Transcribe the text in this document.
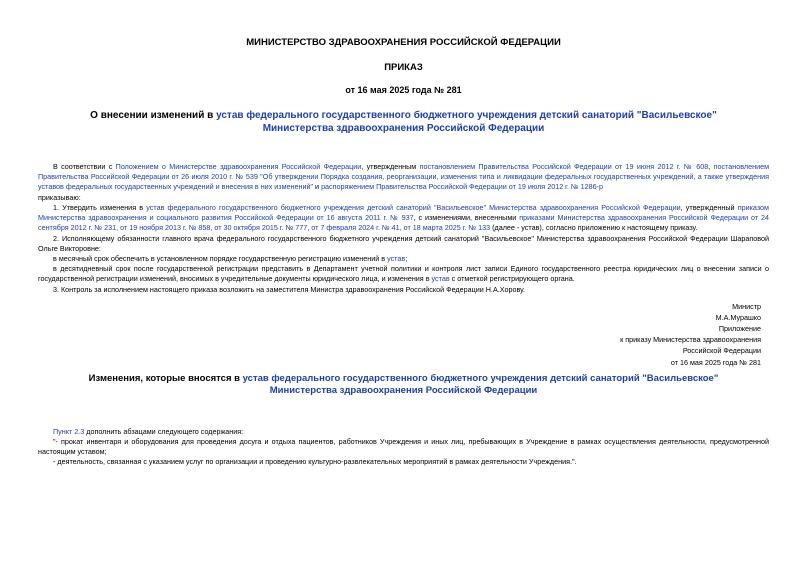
МИНИСТЕРСТВО ЗДРАВООХРАНЕНИЯ РОССИЙСКОЙ ФЕДЕРАЦИИ
ПРИКАЗ
от 16 мая 2025 года № 281
О внесении изменений в устав федерального государственного бюджетного учреждения детский санаторий "Васильевское" Министерства здравоохранения Российской Федерации

В соответствии с Положением о Министерстве здравоохранения Российской Федерации, утвержденным постановлением Правительства Российской Федерации от 19 июня 2012 г. № 608, постановлением Правительства Российской Федерации от 26 июля 2010 г. № 539 "Об утверждении Порядка создания, реорганизации, изменения типа и ликвидации федеральных государственных учреждений, а также утверждения уставов федеральных государственных учреждений и внесения в них изменений" и распоряжением Правительства Российской Федерации от 19 июля 2012 г. № 1286-р

приказываю:

1. Утвердить изменения в устав федерального государственного бюджетного учреждения детский санаторий "Васильевское" Министерства здравоохранения Российской Федерации, утвержденный приказом Министерства здравоохранения и социального развития Российской Федерации от 16 августа 2011 г. № 937, с изменениями, внесенными приказами Министерства здравоохранения Российской Федерации от 24 сентября 2012 г. № 231, от 19 ноября 2013 г. № 858, от 30 октября 2015 г. № 777, от 7 февраля 2024 г. № 41, от 18 марта 2025 г. № 133 (далее - устав), согласно приложению к настоящему приказу.

2. Исполняющему обязанности главного врача федерального государственного бюджетного учреждения детский санаторий "Васильевское" Министерства здравоохранения Российской Федерации Шараповой Ольге Викторовне:

в месячный срок обеспечить в установленном порядке государственную регистрацию изменений в устав;

в десятидневный срок после государственной регистрации представить в Департамент учетной политики и контроля лист записи Единого государственного реестра юридических лиц о внесении записи о государственной регистрации изменений, вносимых в учредительные документы юридического лица, и изменения в устав с отметкой регистрирующего органа.

3. Контроль за исполнением настоящего приказа возложить на заместителя Министра здравоохранения Российской Федерации Н.А.Хорову.

Министр
М.А.Мурашко
Приложение
к приказу Министерства здравоохранения
Российской Федерации
от 16 мая 2025 года № 281
Изменения, которые вносятся в устав федерального государственного бюджетного учреждения детский санаторий "Васильевское" Министерства здравоохранения Российской Федерации

Пункт 2.3 дополнить абзацами следующего содержания:

"- прокат инвентаря и оборудования для проведения досуга и отдыха пациентов, работников Учреждения и иных лиц, пребывающих в Учреждение в рамках осуществления деятельности, предусмотренной настоящим уставом;

- деятельность, связанная с указанием услуг по организации и проведению культурно-развлекательных мероприятий в рамках деятельности Учреждения.".
